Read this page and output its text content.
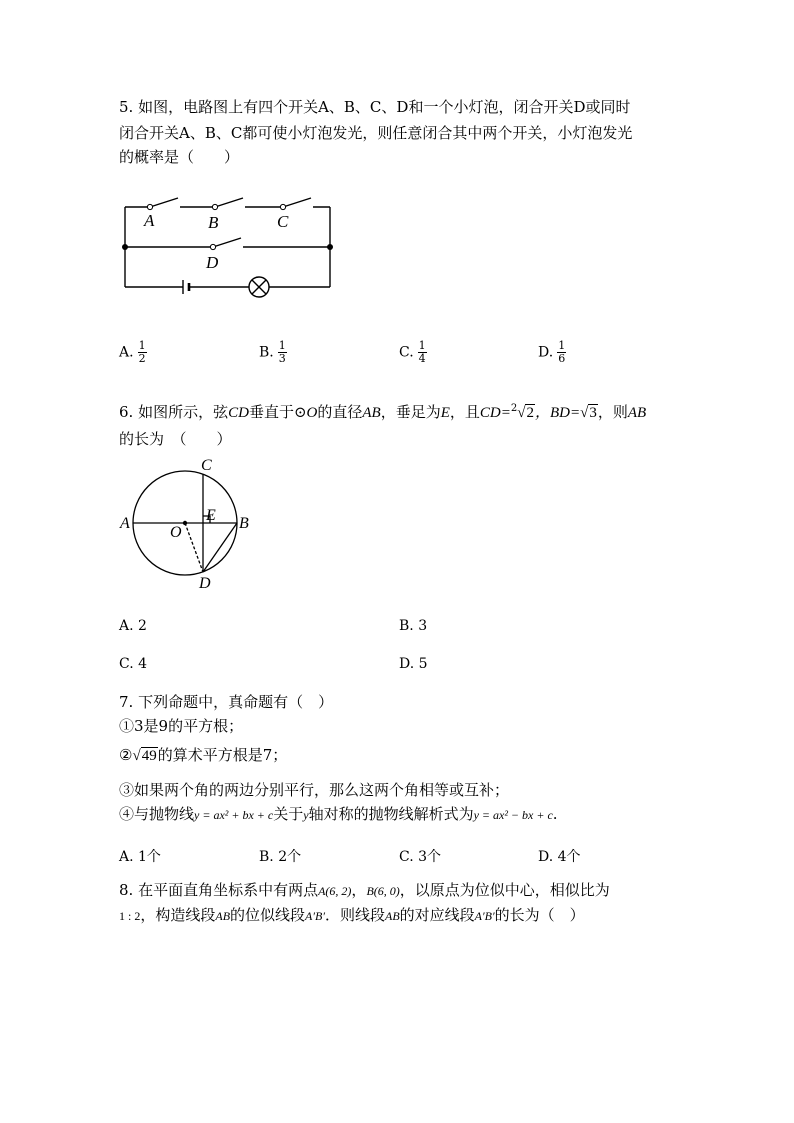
5. 如图，电路图上有四个开关A、B、C、D和一个小灯泡，闭合开关D或同时
闭合开关A、B、C都可使小灯泡发光，则任意闭合其中两个开关，小灯泡发光
的概率是（　　）
A	B	C
D
A. $\frac{1}{2}$	B. $\frac{1}{3}$	C. $\frac{1}{4}$	D. $\frac{1}{6}$
6. 如图所示，弦CD垂直于⊙O的直径AB，垂足为E，且CD=$^2$√2，BD=√3，则AB
的长为　（　　）
C
A	B
E
O
D
A. 2	B. 3
C. 4	D. 5
7. 下列命题中，真命题有（　）
①3是9的平方根；
②√49的算术平方根是7；
③如果两个角的两边分别平行，那么这两个角相等或互补；
④与抛物线y = ax² + bx + c关于y轴对称的抛物线解析式为y = ax² − bx + c.
A. 1个	B. 2个	C. 3个	D. 4个
8. 在平面直角坐标系中有两点A(6, 2)，B(6, 0)，以原点为位似中心，相似比为
1 : 2，构造线段AB的位似线段A′B′．则线段AB的对应线段A′B′的长为（　）
